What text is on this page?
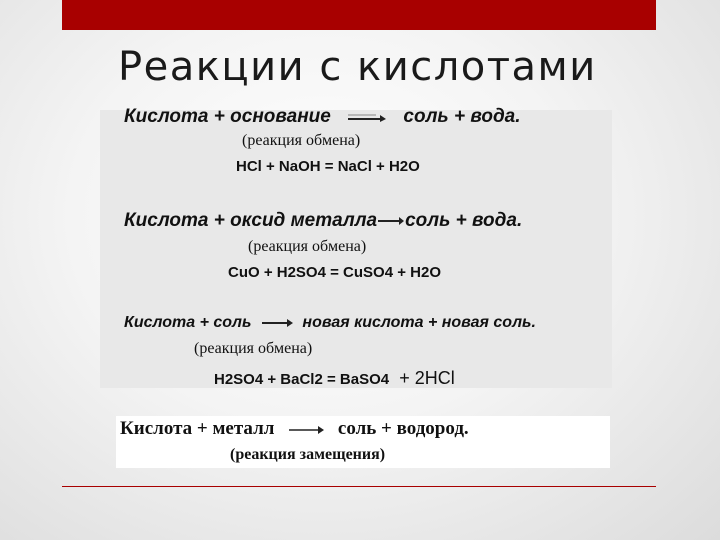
Реакции с кислотами
Кислота + основание	соль + вода.
(реакция обмена)
HCl + NaOH = NaCl + H2O
Кислота + оксид металла→соль + вода.
(реакция обмена)
CuO + H2SO4 = CuSO4 + H2O
Кислота + соль → новая кислота + новая соль.
(реакция обмена)
H2SO4 + BaCl2 = BaSO4 + 2HCl
Кислота + металл → соль + водород.
(реакция замещения)
